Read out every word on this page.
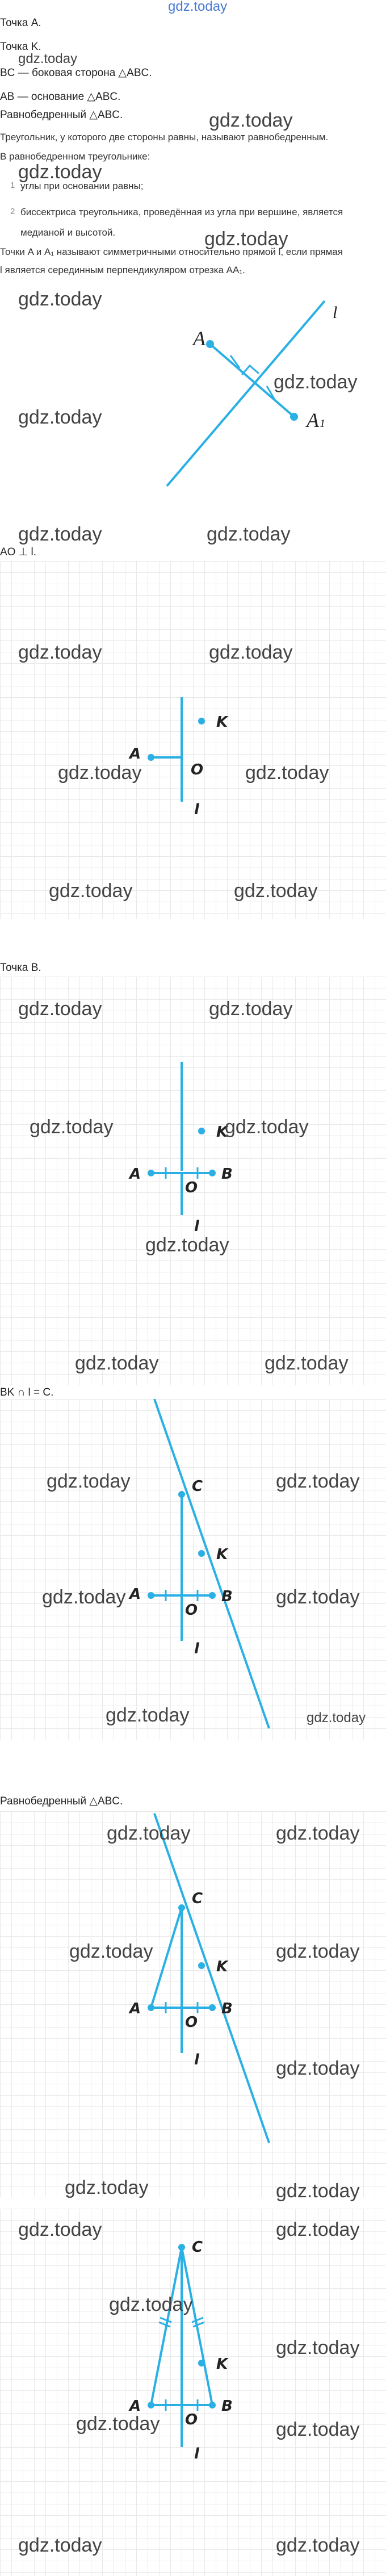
gdz.today
Точка A.
Точка K.
gdz.today
BC — боковая сторона △ABC.
AB — основание △ABC.
Равнобедренный △ABC.	gdz.today
Треугольник, у которого две стороны равны, называют равнобедренным.
В равнобедренном треугольнике:
gdz.today
1 углы при основании равны;
2 биссектриса треугольника, проведённая из угла при вершине, является
медианой и высотой.	gdz.today
Точки A и A₁ называют симметричными относительно прямой l, если прямая
l является серединным перпендикуляром отрезка AA₁.
A
A 1
l
gdz.today
gdz.today
gdz.today
gdz.today	gdz.today
AO ⊥ l.
A
K
O
l
gdz.today	gdz.today
gdz.today	gdz.today
gdz.today	gdz.today
Точка B.
A	B
K
O
l
gdz.today	gdz.today
gdz.today	gdz.today
gdz.today
gdz.today	gdz.today
BK ∩ l = C.
A	B
C
K
O
l
gdz.today	gdz.today
gdz.today	gdz.today
gdz.today	gdz.today
Равнобедренный △ABC.
A	B
C
K
O
l
gdz.today	gdz.today
gdz.today	gdz.today
gdz.today
gdz.today	gdz.today
A	B
C
K
O
l
gdz.today	gdz.today
gdz.today
gdz.today
gdz.today	gdz.today
gdz.today	gdz.today
